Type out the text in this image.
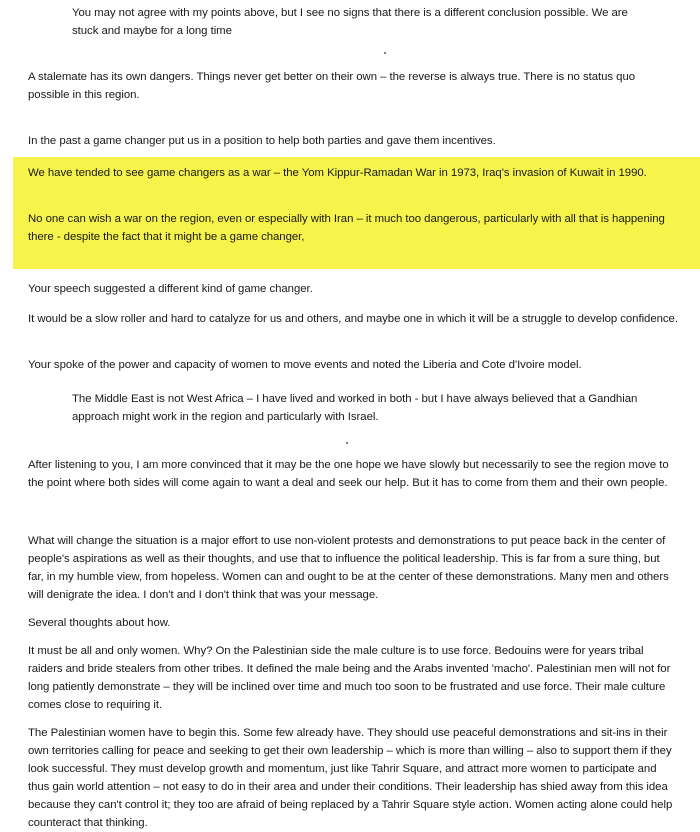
You may not agree with my points above, but I see no signs that there is a different conclusion possible. We are stuck and maybe for a long time

A stalemate has its own dangers. Things never get better on their own – the reverse is always true. There is no status quo possible in this region.

In the past a game changer put us in a position to help both parties and gave them incentives.

We have tended to see game changers as a war – the Yom Kippur-Ramadan War in 1973, Iraq's invasion of Kuwait in 1990.

No one can wish a war on the region, even or especially with Iran – it much too dangerous, particularly with all that is happening there - despite the fact that it might be a game changer,

Your speech suggested a different kind of game changer.

It would be a slow roller and hard to catalyze for us and others, and maybe one in which it will be a struggle to develop confidence.

Your spoke of the power and capacity of women to move events and noted the Liberia and Cote d'Ivoire model.

The Middle East is not West Africa – I have lived and worked in both - but I have always believed that a Gandhian approach might work in the region and particularly with Israel.

After listening to you, I am more convinced that it may be the one hope we have slowly but necessarily to see the region move to the point where both sides will come again to want a deal and seek our help. But it has to come from them and their own people.

What will change the situation is a major effort to use non-violent protests and demonstrations to put peace back in the center of people's aspirations as well as their thoughts, and use that to influence the political leadership. This is far from a sure thing, but far, in my humble view, from hopeless. Women can and ought to be at the center of these demonstrations. Many men and others will denigrate the idea. I don't and I don't think that was your message.

Several thoughts about how.

It must be all and only women. Why? On the Palestinian side the male culture is to use force. Bedouins were for years tribal raiders and bride stealers from other tribes. It defined the male being and the Arabs invented 'macho'. Palestinian men will not for long patiently demonstrate – they will be inclined over time and much too soon to be frustrated and use force. Their male culture comes close to requiring it.

The Palestinian women have to begin this. Some few already have. They should use peaceful demonstrations and sit-ins in their own territories calling for peace and seeking to get their own leadership – which is more than willing – also to support them if they look successful. They must develop growth and momentum, just like Tahrir Square, and attract more women to participate and thus gain world attention – not easy to do in their area and under their conditions. Their leadership has shied away from this idea because they can't control it; they too are afraid of being replaced by a Tahrir Square style action. Women acting alone could help counteract that thinking.
